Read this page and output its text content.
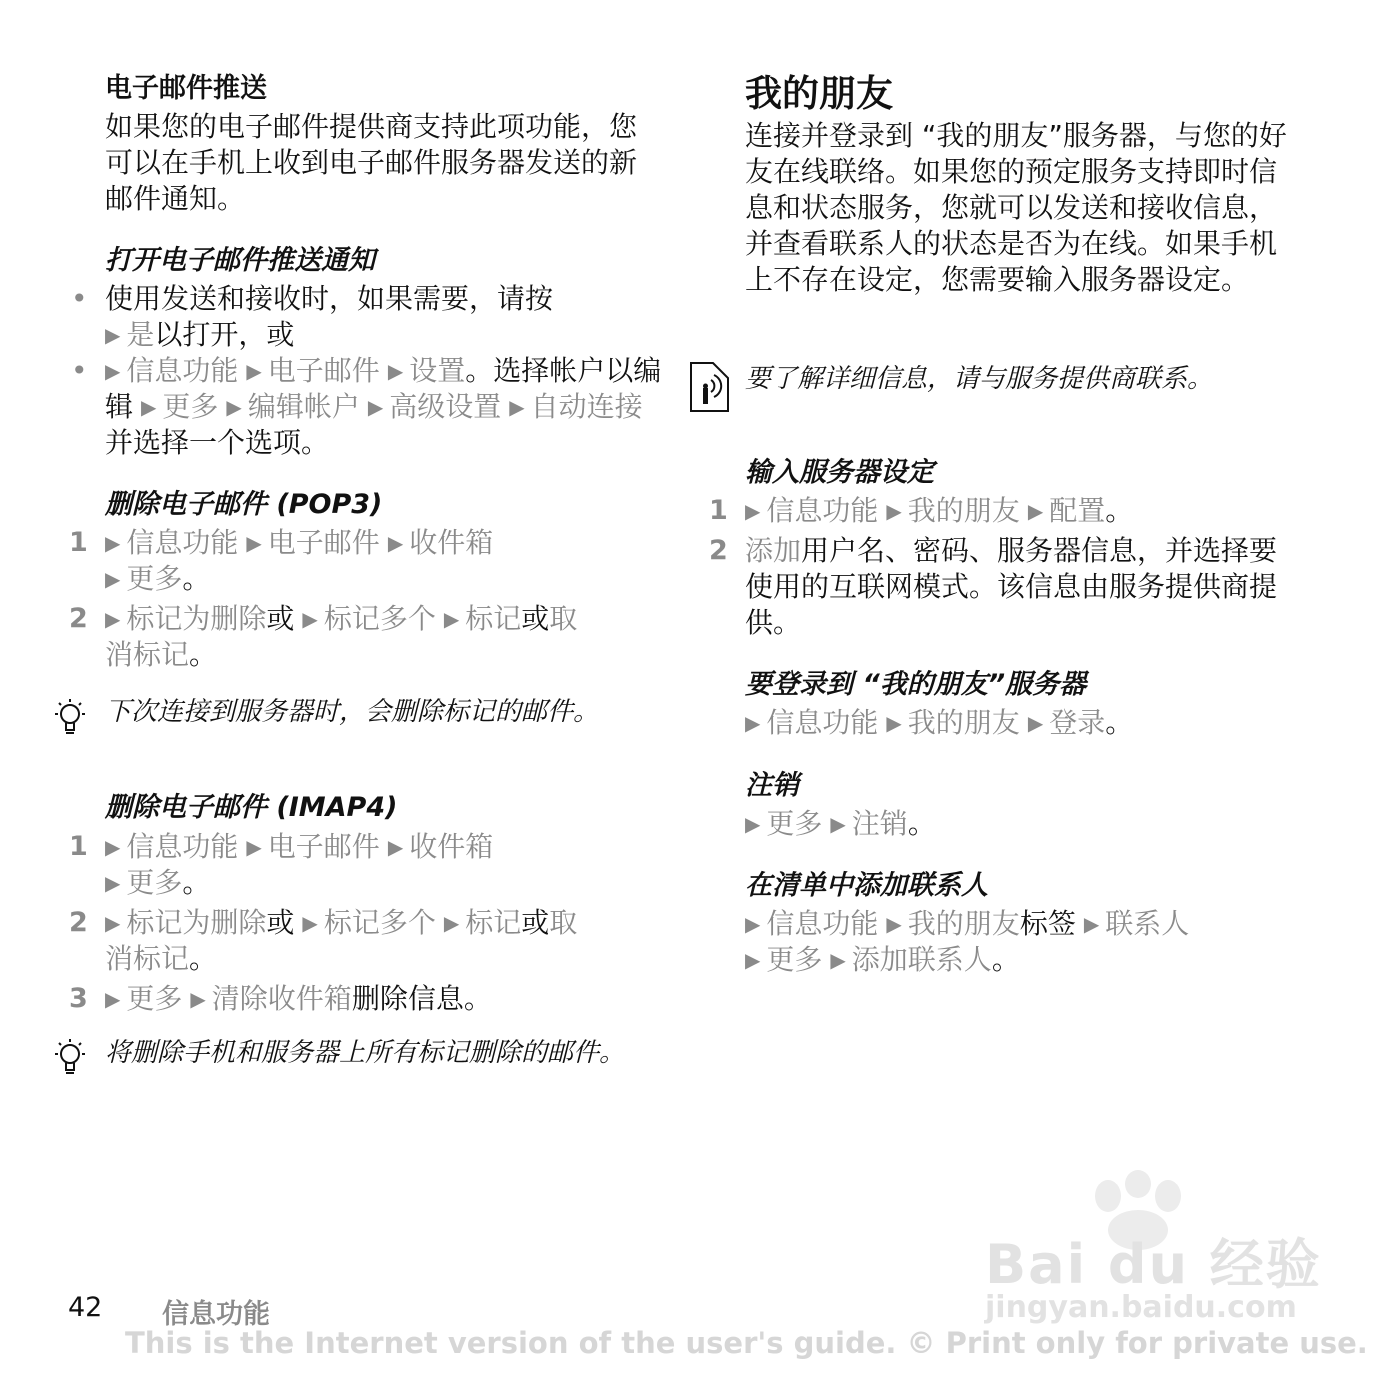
电子邮件推送
如果您的电子邮件提供商支持此项功能，您可以在手机上收到电子邮件服务器发送的新邮件通知。
打开电子邮件推送通知
• 使用发送和接收时，如果需要，请按
▶ 是以打开，或
• ▶ 信息功能 ▶ 电子邮件 ▶ 设置。选择帐户以编辑 ▶ 更多 ▶ 编辑帐户 ▶ 高级设置 ▶ 自动连接并选择一个选项。
删除电子邮件 (POP3)
1 ▶ 信息功能 ▶ 电子邮件 ▶ 收件箱
▶ 更多。
2 ▶ 标记为删除或 ▶ 标记多个 ▶ 标记或取
消标记。
下次连接到服务器时，会删除标记的邮件。
删除电子邮件 (IMAP4)
1 ▶ 信息功能 ▶ 电子邮件 ▶ 收件箱
▶ 更多。
2 ▶ 标记为删除或 ▶ 标记多个 ▶ 标记或取
消标记。
3 ▶ 更多 ▶ 清除收件箱删除信息。
将删除手机和服务器上所有标记删除的邮件。
我的朋友
连接并登录到 “我的朋友”服务器，与您的好友在线联络。如果您的预定服务支持即时信息和状态服务，您就可以发送和接收信息，并查看联系人的状态是否为在线。如果手机上不存在设定，您需要输入服务器设定。
要了解详细信息，请与服务提供商联系。
输入服务器设定
1 ▶ 信息功能 ▶ 我的朋友 ▶ 配置。
2 添加用户名、密码、服务器信息，并选择要使用的互联网模式。该信息由服务提供商提供。
要登录到 “我的朋友”服务器
▶ 信息功能 ▶ 我的朋友 ▶ 登录。
注销
▶ 更多 ▶ 注销。
在清单中添加联系人
▶ 信息功能 ▶ 我的朋友标签 ▶ 联系人
▶ 更多 ▶ 添加联系人。
Bai du 经验
jingyan.baidu.com
42 信息功能
This is the Internet version of the user's guide. © Print only for private use.
